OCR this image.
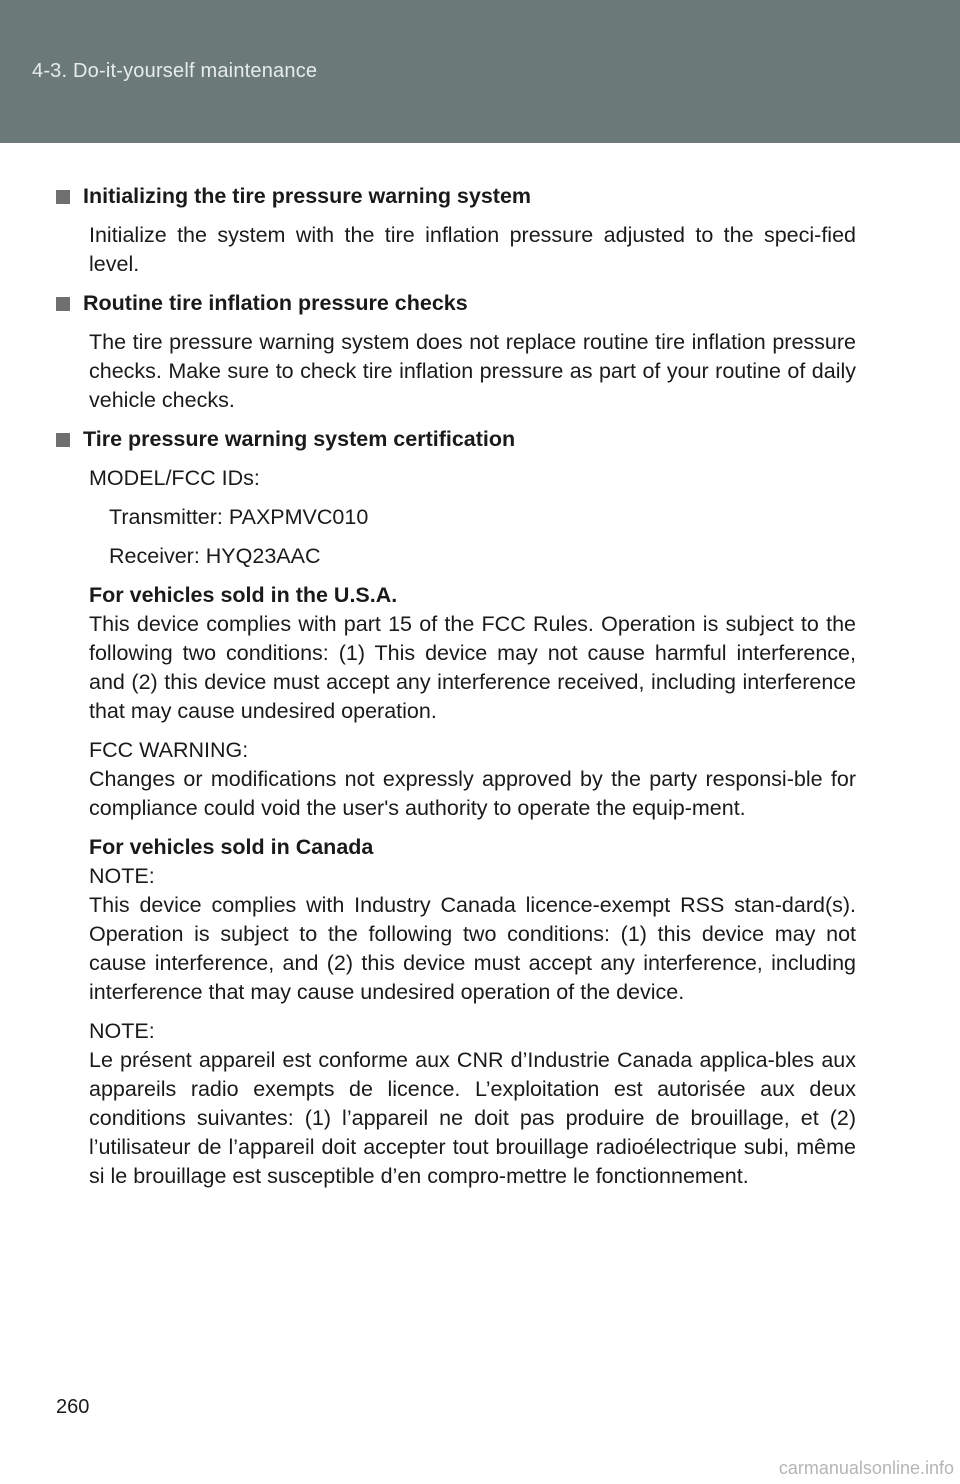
4-3. Do-it-yourself maintenance
Initializing the tire pressure warning system

Initialize the system with the tire inflation pressure adjusted to the speci-fied level.

Routine tire inflation pressure checks

The tire pressure warning system does not replace routine tire inflation pressure checks. Make sure to check tire inflation pressure as part of your routine of daily vehicle checks.

Tire pressure warning system certification

MODEL/FCC IDs:

Transmitter: PAXPMVC010

Receiver: HYQ23AAC

For vehicles sold in the U.S.A.
This device complies with part 15 of the FCC Rules. Operation is subject to the following two conditions: (1) This device may not cause harmful interference, and (2) this device must accept any interference received, including interference that may cause undesired operation.
FCC WARNING:
Changes or modifications not expressly approved by the party responsi-ble for compliance could void the user's authority to operate the equip-ment.
For vehicles sold in Canada
NOTE:
This device complies with Industry Canada licence-exempt RSS stan-dard(s). Operation is subject to the following two conditions: (1) this device may not cause interference, and (2) this device must accept any interference, including interference that may cause undesired operation of the device.
NOTE:
Le présent appareil est conforme aux CNR d’Industrie Canada applica-bles aux appareils radio exempts de licence. L’exploitation est autorisée aux deux conditions suivantes: (1) l’appareil ne doit pas produire de brouillage, et (2) l’utilisateur de l’appareil doit accepter tout brouillage radioélectrique subi, même si le brouillage est susceptible d’en compro-mettre le fonctionnement.
260
carmanualsonline.info
